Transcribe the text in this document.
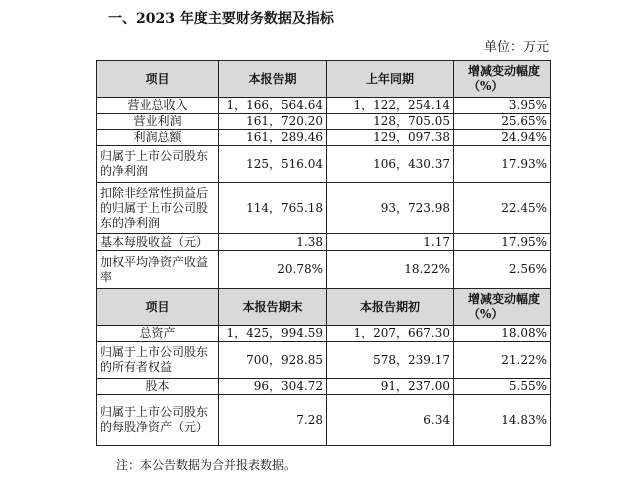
一、2023 年度主要财务数据及指标
单位：万元
项目	本报告期	上年同期	增减变动幅度（%）
营业总收入	1，166，564.64	1，122，254.14	3.95%
营业利润	161，720.20	128，705.05	25.65%
利润总额	161，289.46	129，097.38	24.94%
归属于上市公司股东的净利润	125，516.04	106，430.37	17.93%
扣除非经常性损益后的归属于上市公司股东的净利润	114，765.18	93，723.98	22.45%
基本每股收益（元）	1.38	1.17	17.95%
加权平均净资产收益率	20.78%	18.22%	2.56%
项目	本报告期末	本报告期初	增减变动幅度（%）
总资产	1，425，994.59	1，207，667.30	18.08%
归属于上市公司股东的所有者权益	700，928.85	578，239.17	21.22%
股本	96，304.72	91，237.00	5.55%
归属于上市公司股东的每股净资产（元）	7.28	6.34	14.83%
注：本公告数据为合并报表数据。
